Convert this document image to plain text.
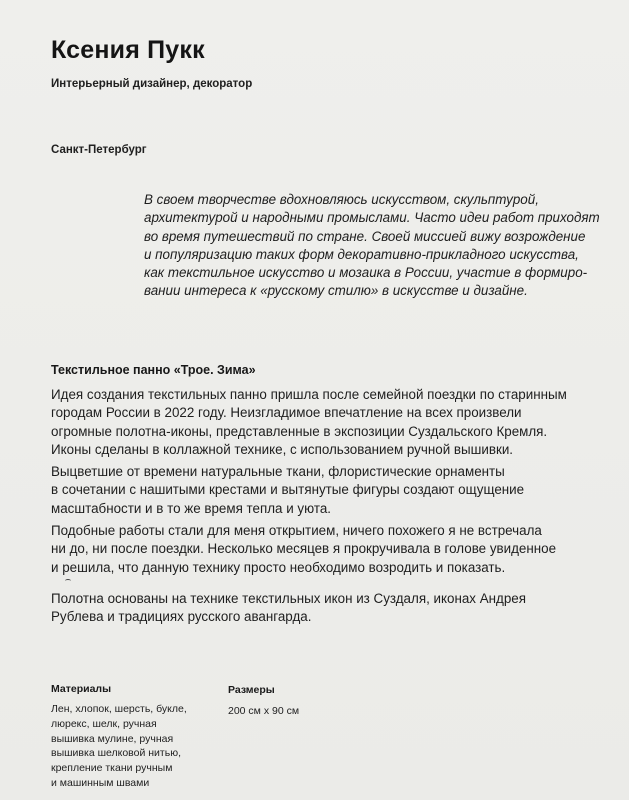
Ксения Пукк
Интерьерный дизайнер, декоратор
Санкт-Петербург
В своем творчестве вдохновляюсь искусством, скульптурой,
архитектурой и народными промыслами. Часто идеи работ приходят
во время путешествий по стране. Своей миссией вижу возрождение
и популяризацию таких форм декоративно-прикладного искусства,
как текстильное искусство и мозаика в России, участие в формиро-
вании интереса к «русскому стилю» в искусстве и дизайне.
Текстильное панно «Трое. Зима»
Идея создания текстильных панно пришла после семейной поездки по старинным
городам России в 2022 году. Неизгладимое впечатление на всех произвели
огромные полотна-иконы, представленные в экспозиции Суздальского Кремля.
Иконы сделаны в коллажной технике, с использованием ручной вышивки.
Выцветшие от времени натуральные ткани, флористические орнаменты
в сочетании с нашитыми крестами и вытянутые фигуры создают ощущение
масштабности и в то же время тепла и уюта.
Подобные работы стали для меня открытием, ничего похожего я не встречала
ни до, ни после поездки. Несколько месяцев я прокручивала в голове увиденное
и решила, что данную технику просто необходимо возродить и показать.
Полотна основаны на технике текстильных икон из Суздаля, иконах Андрея
Рублева и традициях русского авангарда.
Материалы
Лен, хлопок, шерсть, букле,
люрекс, шелк, ручная
вышивка мулине, ручная
вышивка шелковой нитью,
крепление ткани ручным
и машинным швами
Размеры
200 см х 90 см
